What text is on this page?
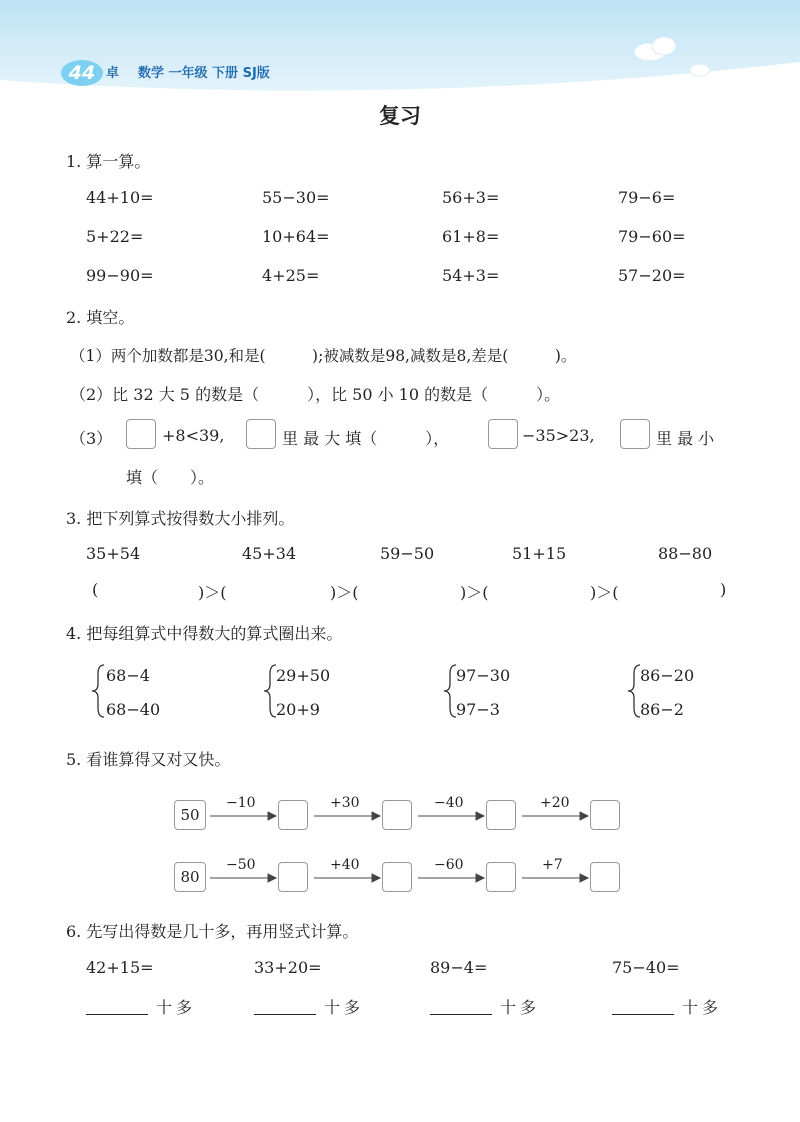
44 卓 数学 一年级 下册 SJ版
复习
1. 算一算。
44+10=	55−30=	56+3=	79−6=
5+22=	10+64=	61+8=	79−60=
99−90=	4+25=	54+3=	57−20=
2. 填空。
（1）两个加数都是30,和是(　　　);被减数是98,减数是8,差是(　　　)。
（2）比 32 大 5 的数是（　　　），比 50 小 10 的数是（　　　）。
（3）	+8<39,	里 最 大 填（　　　），	−35>23,	里 最 小
填（　　）。
3. 把下列算式按得数大小排列。
35+54	45+34	59−50	51+15	88−80
(	)＞(	)＞(	)＞(	)＞(	)
4. 把每组算式中得数大的算式圈出来。
68−4
68−40
29+50
20+9
97−30
97−3
86−20
86−2
5. 看谁算得又对又快。
50
−10	+30	−40	+20
80
−50	+40	−60	+7
6. 先写出得数是几十多，再用竖式计算。
42+15=	33+20=	89−4=	75−40=
十多	十多	十多	十多
